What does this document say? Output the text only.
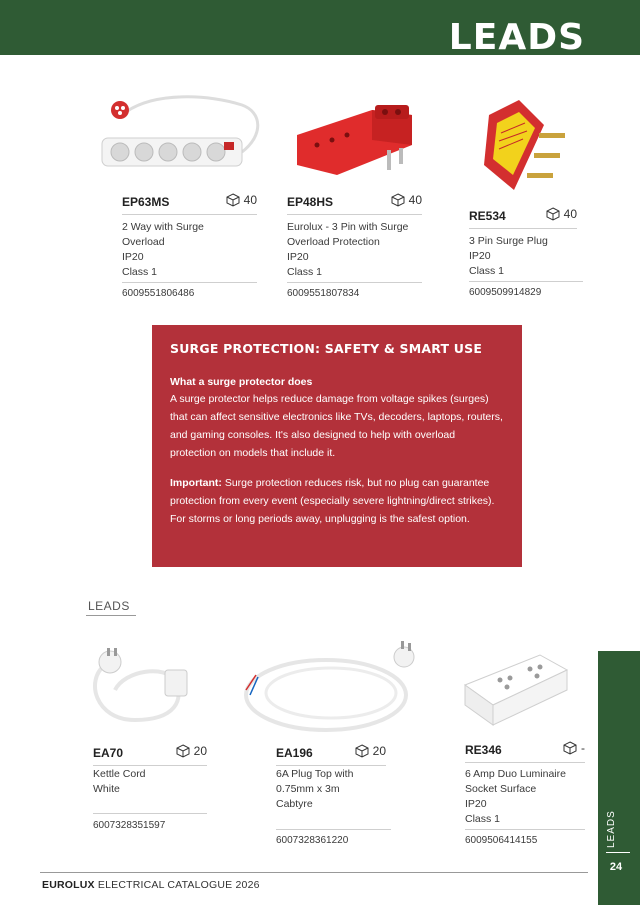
LEADS
EP63MS	40
2 Way with Surge
Overload
IP20
Class 1
6009551806486
EP48HS	40
Eurolux - 3 Pin with Surge
Overload Protection
IP20
Class 1
6009551807834
RE534	40
3 Pin Surge Plug
IP20
Class 1
6009509914829
SURGE PROTECTION: SAFETY & SMART USE
What a surge protector does
A surge protector helps reduce damage from voltage spikes (surges) that can affect sensitive electronics like TVs, decoders, laptops, routers, and gaming consoles. It's also designed to help with overload protection on models that include it.
Important: Surge protection reduces risk, but no plug can guarantee protection from every event (especially severe lightning/direct strikes). For storms or long periods away, unplugging is the safest option.
LEADS
EA70	20
Kettle Cord
White
6007328351597
EA196	20
6A Plug Top with
0.75mm x 3m
Cabtyre
6007328361220
RE346	-
6 Amp Duo Luminaire
Socket Surface
IP20
Class 1
6009506414155	LEADS
24
EUROLUX ELECTRICAL CATALOGUE 2026
